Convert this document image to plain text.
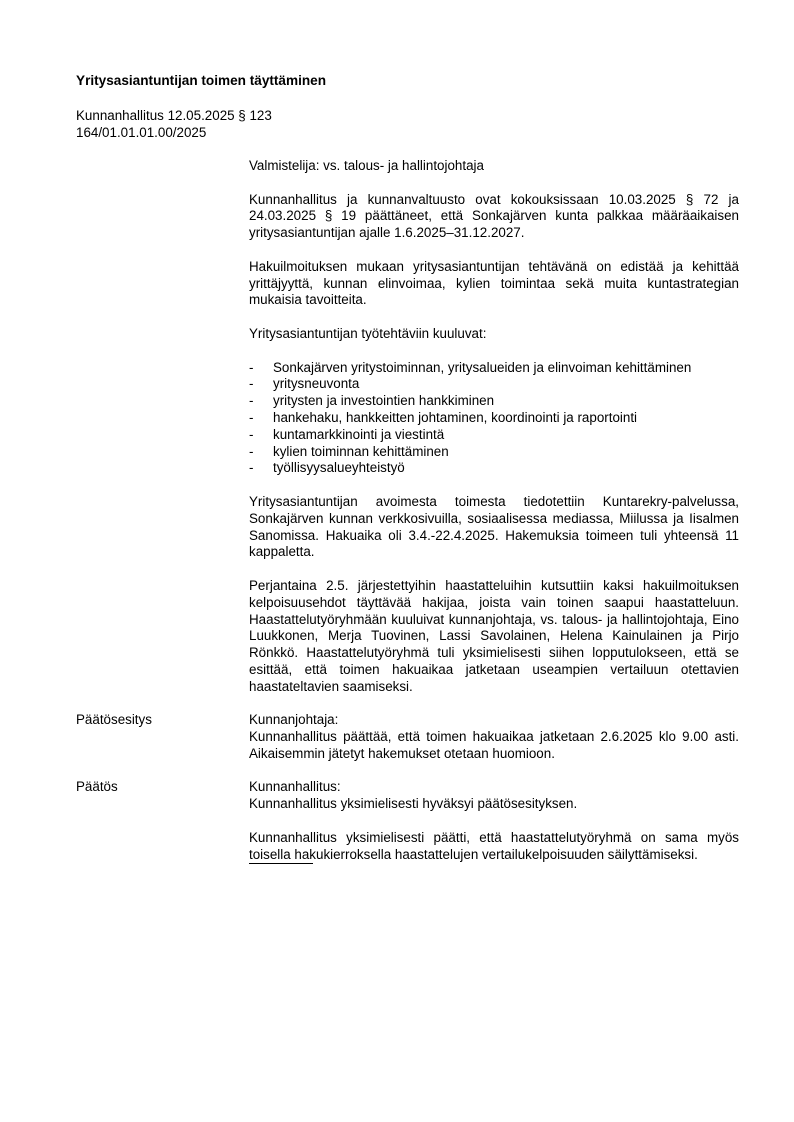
Yritysasiantuntijan toimen täyttäminen
Kunnanhallitus 12.05.2025 § 123
164/01.01.01.00/2025

Valmistelija: vs. talous- ja hallintojohtaja

Kunnanhallitus ja kunnanvaltuusto ovat kokouksissaan 10.03.2025 § 72 ja 24.03.2025 § 19 päättäneet, että Sonkajärven kunta palkkaa määräaikaisen yritysasiantuntijan ajalle 1.6.2025–31.12.2027.

Hakuilmoituksen mukaan yritysasiantuntijan tehtävänä on edistää ja kehittää yrittäjyyttä, kunnan elinvoimaa, kylien toimintaa sekä muita kuntastrategian mukaisia tavoitteita.

Yritysasiantuntijan työtehtäviin kuuluvat:

- Sonkajärven yritystoiminnan, yritysalueiden ja elinvoiman kehittäminen
- yritysneuvonta
- yritysten ja investointien hankkiminen
- hankehaku, hankkeitten johtaminen, koordinointi ja raportointi
- kuntamarkkinointi ja viestintä
- kylien toiminnan kehittäminen
- työllisyysalueyhteistyö

Yritysasiantuntijan avoimesta toimesta tiedotettiin Kuntarekry-palvelussa, Sonkajärven kunnan verkkosivuilla, sosiaalisessa mediassa, Miilussa ja Iisalmen Sanomissa. Hakuaika oli 3.4.-22.4.2025. Hakemuksia toimeen tuli yhteensä 11 kappaletta.

Perjantaina 2.5. järjestettyihin haastatteluihin kutsuttiin kaksi hakuilmoituksen kelpoisuusehdot täyttävää hakijaa, joista vain toinen saapui haastatteluun. Haastattelutyöryhmään kuuluivat kunnanjohtaja, vs. talous- ja hallintojohtaja, Eino Luukkonen, Merja Tuovinen, Lassi Savolainen, Helena Kainulainen ja Pirjo Rönkkö. Haastattelutyöryhmä tuli yksimielisesti siihen lopputulokseen, että se esittää, että toimen hakuaikaa jatketaan useampien vertailuun otettavien haastateltavien saamiseksi.

Päätösesitys	Kunnanjohtaja:

Kunnanhallitus päättää, että toimen hakuaikaa jatketaan 2.6.2025 klo 9.00 asti. Aikaisemmin jätetyt hakemukset otetaan huomioon.

Päätös	Kunnanhallitus:

Kunnanhallitus yksimielisesti hyväksyi päätösesityksen.

Kunnanhallitus yksimielisesti päätti, että haastattelutyöryhmä on sama myös toisella hakukierroksella haastattelujen vertailukelpoisuuden säilyttämiseksi.
